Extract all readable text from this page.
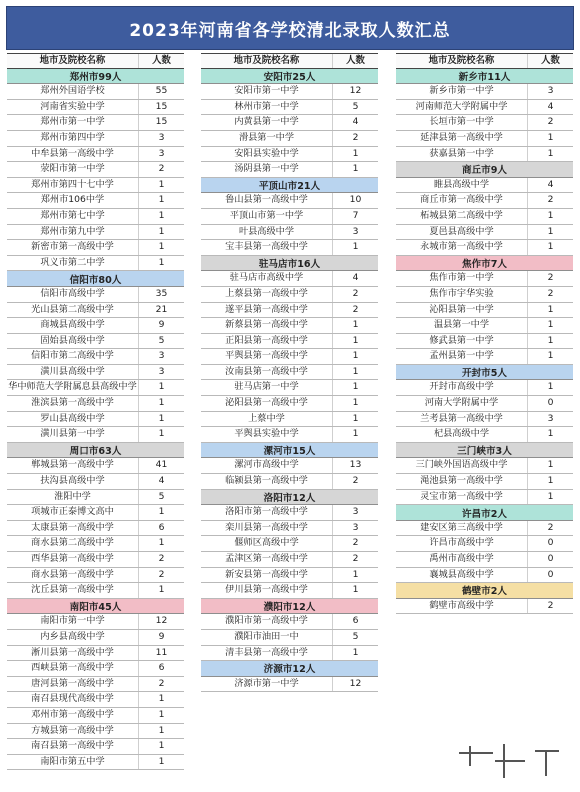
2023年河南省各学校清北录取人数汇总
地市及院校名称	人数
郑州市99人
郑州外国语学校	55
河南省实验中学	15
郑州市第一中学	15
郑州市第四中学	3
中牟县第一高级中学	3
荥阳市第一中学	2
郑州市第四十七中学	1
郑州市106中学	1
郑州市第七中学	1
郑州市第九中学	1
新密市第一高级中学	1
巩义市第二中学	1
信阳市80人
信阳市高级中学	35
光山县第二高级中学	21
商城县高级中学	9
固始县高级中学	5
信阳市第二高级中学	3
潢川县高级中学	3
华中师范大学附属息县高级中学	1
淮滨县第一高级中学	1
罗山县高级中学	1
潢川县第一中学	1
周口市63人
郸城县第一高级中学	41
扶沟县高级中学	4
淮阳中学	5
项城市正泰博文高中	1
太康县第一高级中学	6
商水县第二高级中学	1
西华县第一高级中学	2
商水县第一高级中学	2
沈丘县第一高级中学	1
南阳市45人
南阳市第一中学	12
内乡县高级中学	9
淅川县第一高级中学	11
西峡县第一高级中学	6
唐河县第一高级中学	2
南召县现代高级中学	1
邓州市第一高级中学	1
方城县第一高级中学	1
南召县第一高级中学	1
南阳市第五中学	1
地市及院校名称	人数
安阳市25人
安阳市第一中学	12
林州市第一中学	5
内黄县第一中学	4
滑县第一中学	2
安阳县实验中学	1
汤阴县第一中学	1
平顶山市21人
鲁山县第一高级中学	10
平顶山市第一中学	7
叶县高级中学	3
宝丰县第一高级中学	1
驻马店市16人
驻马店市高级中学	4
上蔡县第一高级中学	2
遂平县第一高级中学	2
新蔡县第一高级中学	1
正阳县第一高级中学	1
平舆县第一高级中学	1
汝南县第一高级中学	1
驻马店第一中学	1
泌阳县第一高级中学	1
上蔡中学	1
平舆县实验中学	1
漯河市15人
漯河市高级中学	13
临颍县第一高级中学	2
洛阳市12人
洛阳市第一高级中学	3
栾川县第一高级中学	3
偃师区高级中学	2
孟津区第一高级中学	2
新安县第一高级中学	1
伊川县第一高级中学	1
濮阳市12人
濮阳市第一高级中学	6
濮阳市油田一中	5
清丰县第一高级中学	1
济源市12人
济源市第一中学	12
地市及院校名称	人数
新乡市11人
新乡市第一中学	3
河南师范大学附属中学	4
长垣市第一中学	2
延津县第一高级中学	1
获嘉县第一中学	1
商丘市9人
睢县高级中学	4
商丘市第一高级中学	2
柘城县第二高级中学	1
夏邑县高级中学	1
永城市第一高级中学	1
焦作市7人
焦作市第一中学	2
焦作市宇华实验	2
沁阳县第一中学	1
温县第一中学	1
修武县第一中学	1
孟州县第一中学	1
开封市5人
开封市高级中学	1
河南大学附属中学	0
兰考县第一高级中学	3
杞县高级中学	1
三门峡市3人
三门峡外国语高级中学	1
渑池县第一高级中学	1
灵宝市第一高级中学	1
许昌市2人
建安区第三高级中学	2
许昌市高级中学	0
禹州市高级中学	0
襄城县高级中学	0
鹤壁市2人
鹤壁市高级中学	2
